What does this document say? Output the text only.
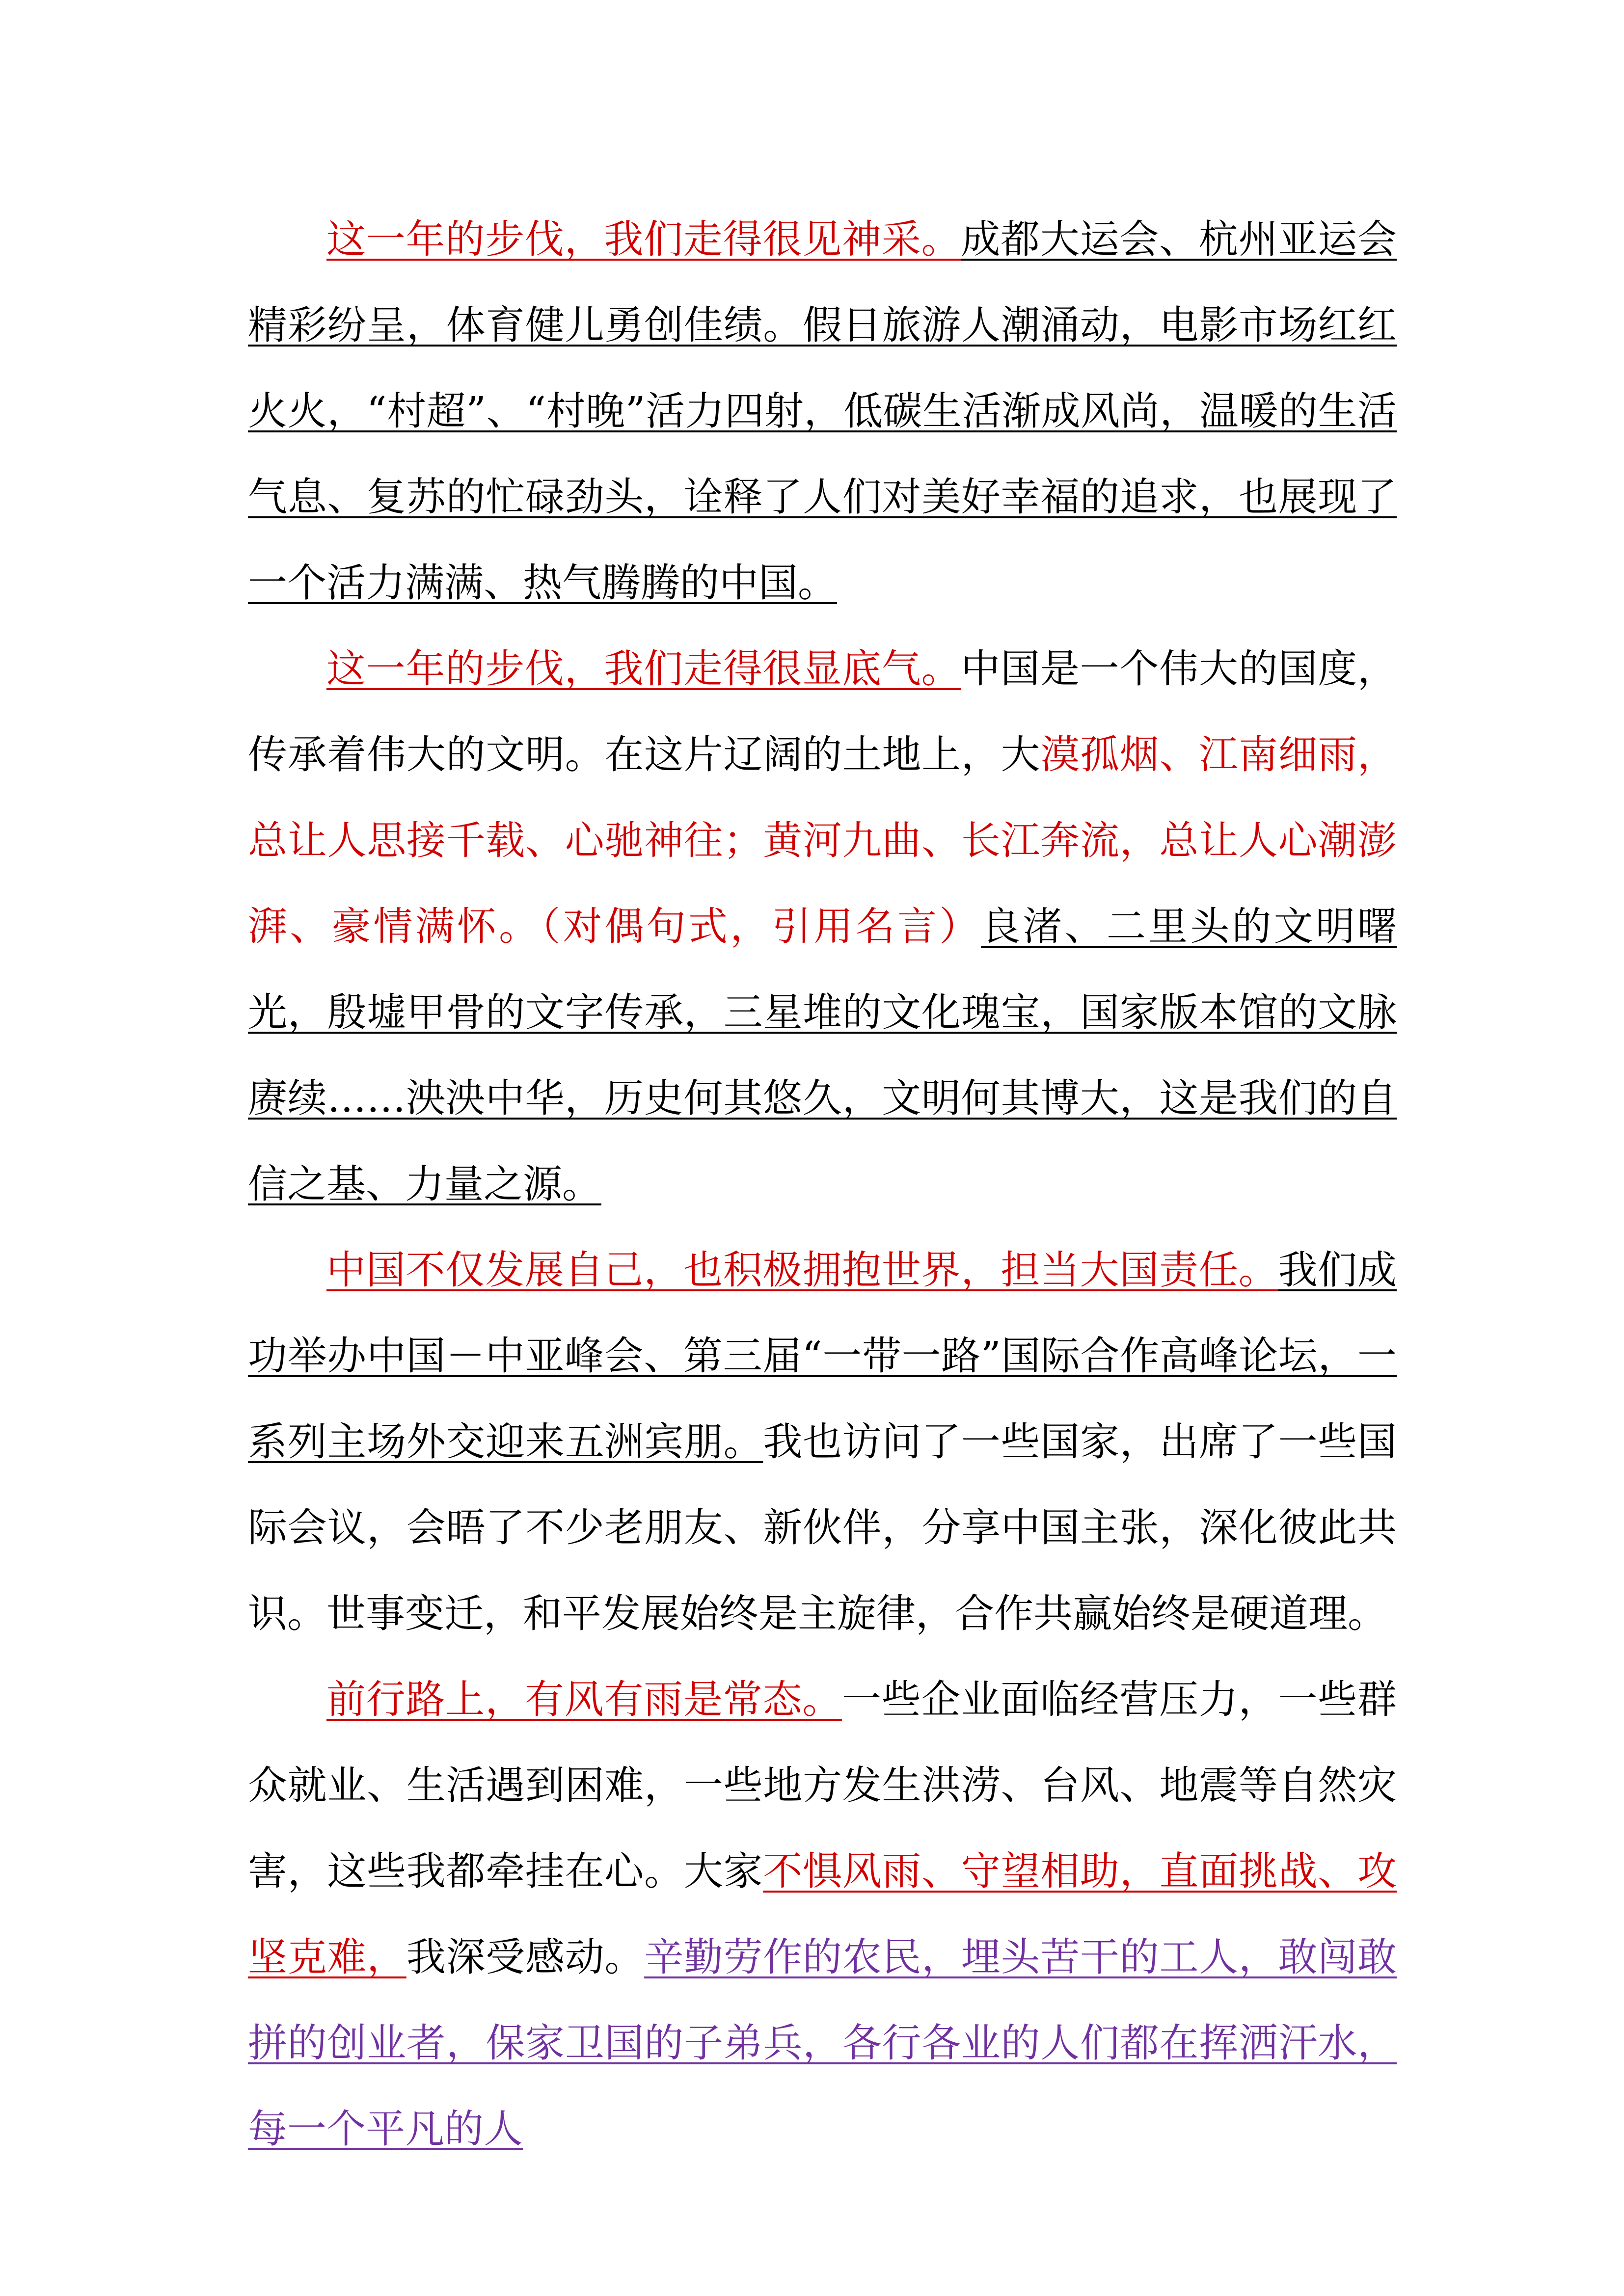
这一年的步伐，我们走得很见神采。成都大运会、杭州亚运会精彩纷呈，体育健儿勇创佳绩。假日旅游人潮涌动，电影市场红红火火，“村超”、“村晚”活力四射，低碳生活渐成风尚，温暖的生活气息、复苏的忙碌劲头，诠释了人们对美好幸福的追求，也展现了一个活力满满、热气腾腾的中国。

这一年的步伐，我们走得很显底气。中国是一个伟大的国度，传承着伟大的文明。在这片辽阔的土地上，大漠孤烟、江南细雨，总让人思接千载、心驰神往；黄河九曲、长江奔流，总让人心潮澎湃、豪情满怀。（对偶句式，引用名言）良渚、二里头的文明曙光，殷墟甲骨的文字传承，三星堆的文化瑰宝，国家版本馆的文脉赓续……泱泱中华，历史何其悠久，文明何其博大，这是我们的自信之基、力量之源。

中国不仅发展自己，也积极拥抱世界，担当大国责任。我们成功举办中国－中亚峰会、第三届“一带一路”国际合作高峰论坛，一系列主场外交迎来五洲宾朋。我也访问了一些国家，出席了一些国际会议，会晤了不少老朋友、新伙伴，分享中国主张，深化彼此共识。世事变迁，和平发展始终是主旋律，合作共赢始终是硬道理。

前行路上，有风有雨是常态。一些企业面临经营压力，一些群众就业、生活遇到困难，一些地方发生洪涝、台风、地震等自然灾害，这些我都牵挂在心。大家不惧风雨、守望相助，直面挑战、攻坚克难，我深受感动。辛勤劳作的农民，埋头苦干的工人，敢闯敢拼的创业者，保家卫国的子弟兵，各行各业的人们都在挥洒汗水，每一个平凡的人
